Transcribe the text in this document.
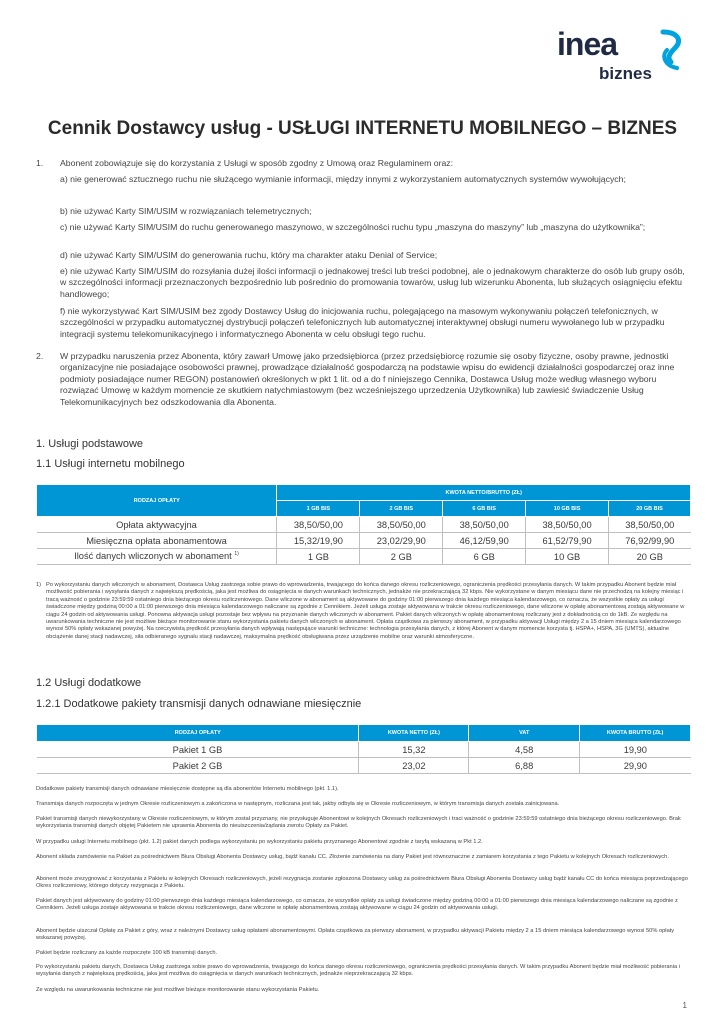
inea
biznes
Cennik Dostawcy usług - USŁUGI INTERNETU MOBILNEGO – BIZNES
1. Abonent zobowiązuje się do korzystania z Usługi w sposób zgodny z Umową oraz Regulaminem oraz:

a) nie generować sztucznego ruchu nie służącego wymianie informacji, między innymi z wykorzystaniem automatycznych systemów wywołujących;

b) nie używać Karty SIM/USIM w rozwiązaniach telemetrycznych;

c) nie używać Karty SIM/USIM do ruchu generowanego maszynowo, w szczególności ruchu typu „maszyna do maszyny” lub „maszyna do użytkownika”;

d) nie używać Karty SIM/USIM do generowania ruchu, który ma charakter ataku Denial of Service;

e) nie używać Karty SIM/USIM do rozsyłania dużej ilości informacji o jednakowej treści lub treści podobnej, ale o jednakowym charakterze do osób lub grupy osób, w szczególności informacji przeznaczonych bezpośrednio lub pośrednio do promowania towarów, usług lub wizerunku Abonenta, lub służących osiągnięciu efektu handlowego;

f) nie wykorzystywać Kart SIM/USIM bez zgody Dostawcy Usług do inicjowania ruchu, polegającego na masowym wykonywaniu połączeń telefonicznych, w szczególności w przypadku automatycznej dystrybucji połączeń telefonicznych lub automatycznej interaktywnej obsługi numeru wywołanego lub w przypadku integracji systemu telekomunikacyjnego i informatycznego Abonenta w celu obsługi tego ruchu.

2. W przypadku naruszenia przez Abonenta, który zawarł Umowę jako przedsiębiorca (przez przedsiębiorcę rozumie się osoby fizyczne, osoby prawne, jednostki organizacyjne nie posiadające osobowości prawnej, prowadzące działalność gospodarczą na podstawie wpisu do ewidencji działalności gospodarczej oraz inne podmioty posiadające numer REGON) postanowień określonych w pkt 1 lit. od a do f niniejszego Cennika, Dostawca Usług może według własnego wyboru rozwiązać Umowę w każdym momencie ze skutkiem natychmiastowym (bez wcześniejszego uprzedzenia Użytkownika) lub zawiesić świadczenie Usług Telekomunikacyjnych bez odszkodowania dla Abonenta.

1. Usługi podstawowe
1.1 Usługi internetu mobilnego
RODZAJ OPŁATY	KWOTA NETTO/BRUTTO (ZŁ)				
	1 GB BIS	2 GB BIS	6 GB BIS	10 GB BIS	20 GB BIS
Opłata aktywacyjna	38,50/50,00	38,50/50,00	38,50/50,00	38,50/50,00	38,50/50,00
Miesięczna opłata abonamentowa	15,32/19,90	23,02/29,90	46,12/59,90	61,52/79,90	76,92/99,90
Ilość danych wliczonych w abonament $^{1)}$	1 GB	2 GB	6 GB	10 GB	20 GB
1) Po wykorzystaniu danych wliczonych w abonament, Dostawca Usług zastrzega sobie prawo do wprowadzenia, trwającego do końca danego okresu rozliczeniowego, ograniczenia prędkości przesyłania danych. W takim przypadku Abonent będzie miał możliwość pobierania i wysyłania danych z największą prędkością, jaka jest możliwa do osiągnięcia w danych warunkach technicznych, jednakże nie przekraczającą 32 kbps. Nie wykorzystane w danym miesiącu dane nie przechodzą na kolejny miesiąc i tracą ważność o godzinie 23:59:59 ostatniego dnia bieżącego okresu rozliczeniowego. Dane wliczone w abonament są aktywowane do godziny 01:00 pierwszego dnia każdego miesiąca kalendarzowego, co oznacza, że wszystkie opłaty za usługi świadczone między godziną 00:00 a 01:00 pierwszego dnia miesiąca kalendarzowego naliczane są zgodnie z Cennikiem. Jeżeli usługa zostaje aktywowana w trakcie okresu rozliczeniowego, dane wliczone w opłatę abonamentową zostają aktywowane w ciągu 24 godzin od aktywowania usługi. Ponowna aktywacja usługi pozostaje bez wpływu na przyznanie danych wliczonych w abonament. Pakiet danych wliczonych w opłatę abonamentową rozliczany jest z dokładnością co do 1kB. Ze względu na uwarunkowania techniczne nie jest możliwe bieżące monitorowanie stanu wykorzystania pakietu danych wliczonych w abonament. Opłata cząstkowa za pierwszy abonament, w przypadku aktywacji Usługi między 2 a 15 dniem miesiąca kalendarzowego wynosi 50% opłaty wskazanej powyżej. Na rzeczywistą prędkość przesyłania danych wpływają następujące warunki techniczne: technologia przesyłania danych, z której Abonent w danym momencie korzysta tj. HSPA+, HSPA, 3G (UMTS), aktualne obciążenie danej stacji nadawczej, siła odbieranego sygnału stacji nadawczej, maksymalna prędkość obsługiwana przez urządzenie mobilne oraz warunki atmosferyczne.

1.2 Usługi dodatkowe
1.2.1 Dodatkowe pakiety transmisji danych odnawiane miesięcznie
RODZAJ OPŁATY	KWOTA NETTO (ZŁ)	VAT	KWOTA BRUTTO (ZŁ)
Pakiet 1 GB	15,32	4,58	19,90
Pakiet 2 GB	23,02	6,88	29,90

Dodatkowe pakiety transmisji danych odnawiane miesięcznie dostępne są dla abonentów Internetu mobilnego (pkt. 1.1).

Transmisja danych rozpoczęta w jednym Okresie rozliczeniowym a zakończona w następnym, rozliczana jest tak, jakby odbyła się w Okresie rozliczeniowym, w którym transmisja danych została zainicjowana.

Pakiet transmisji danych niewykorzystany w Okresie rozliczeniowym, w którym został przyznany, nie przysługuje Abonentowi w kolejnych Okresach rozliczeniowych i traci ważność o godzinie 23:59:59 ostatniego dnia bieżącego okresu rozliczeniowego. Brak wykorzystania transmisji danych objętej Pakietem nie uprawnia Abonenta do nieuiszczenia/żądania zwrotu Opłaty za Pakiet.

W przypadku usługi Internetu mobilnego (pkt. 1.2) pakiet danych podlega wykorzystaniu po wykorzystaniu pakietu przyznanego Abonentowi zgodnie z taryfą wskazaną w Pkt 1.2.

Abonent składa zamówienie na Pakiet za pośrednictwem Biura Obsługi Abonenta Dostawcy usług, bądź kanału CC. Złożenie zamówienia na dany Pakiet jest równoznaczne z zamiarem korzystania z tego Pakietu w kolejnych Okresach rozliczeniowych.

Abonent może zrezygnować z korzystania z Pakietu w kolejnych Okresach rozliczeniowych, jeżeli rezygnacja zostanie zgłoszona Dostawcy usług za pośrednictwem Biura Obsługi Abonenta Dostawcy usług bądź kanału CC do końca miesiąca poprzedzającego Okres rozliczeniowy, którego dotyczy rezygnacja z Pakietu.

Pakiet danych jest aktywowany do godziny 01:00 pierwszego dnia każdego miesiąca kalendarzowego, co oznacza, że wszystkie opłaty za usługi świadczone między godziną 00:00 a 01:00 pierwszego dnia miesiąca kalendarzowego naliczane są zgodnie z Cennikiem. Jeżeli usługa zostaje aktywowana w trakcie okresu rozliczeniowego, dane wliczone w opłatę abonamentową zostają aktywowane w ciągu 24 godzin od aktywowania usługi.

Abonent będzie uiszczał Opłatę za Pakiet z góry, wraz z należnymi Dostawcy usług opłatami abonamentowymi. Opłata cząstkowa za pierwszy abonament, w przypadku aktywacji Pakietu między 2 a 15 dniem miesiąca kalendarzowego wynosi 50% opłaty wskazanej powyżej.

Pakiet będzie rozliczany za każde rozpoczęte 100 kB transmisji danych.

Po wykorzystaniu pakietu danych, Dostawca Usług zastrzega sobie prawo do wprowadzenia, trwającego do końca danego okresu rozliczeniowego, ograniczenia prędkości przesyłania danych. W takim przypadku Abonent będzie miał możliwość pobierania i wysyłania danych z największą prędkością, jaka jest możliwa do osiągnięcia w danych warunkach technicznych, jednakże nieprzekraczającą 32 kbps.

Ze względu na uwarunkowania techniczne nie jest możliwe bieżące monitorowanie stanu wykorzystania Pakietu.

1
